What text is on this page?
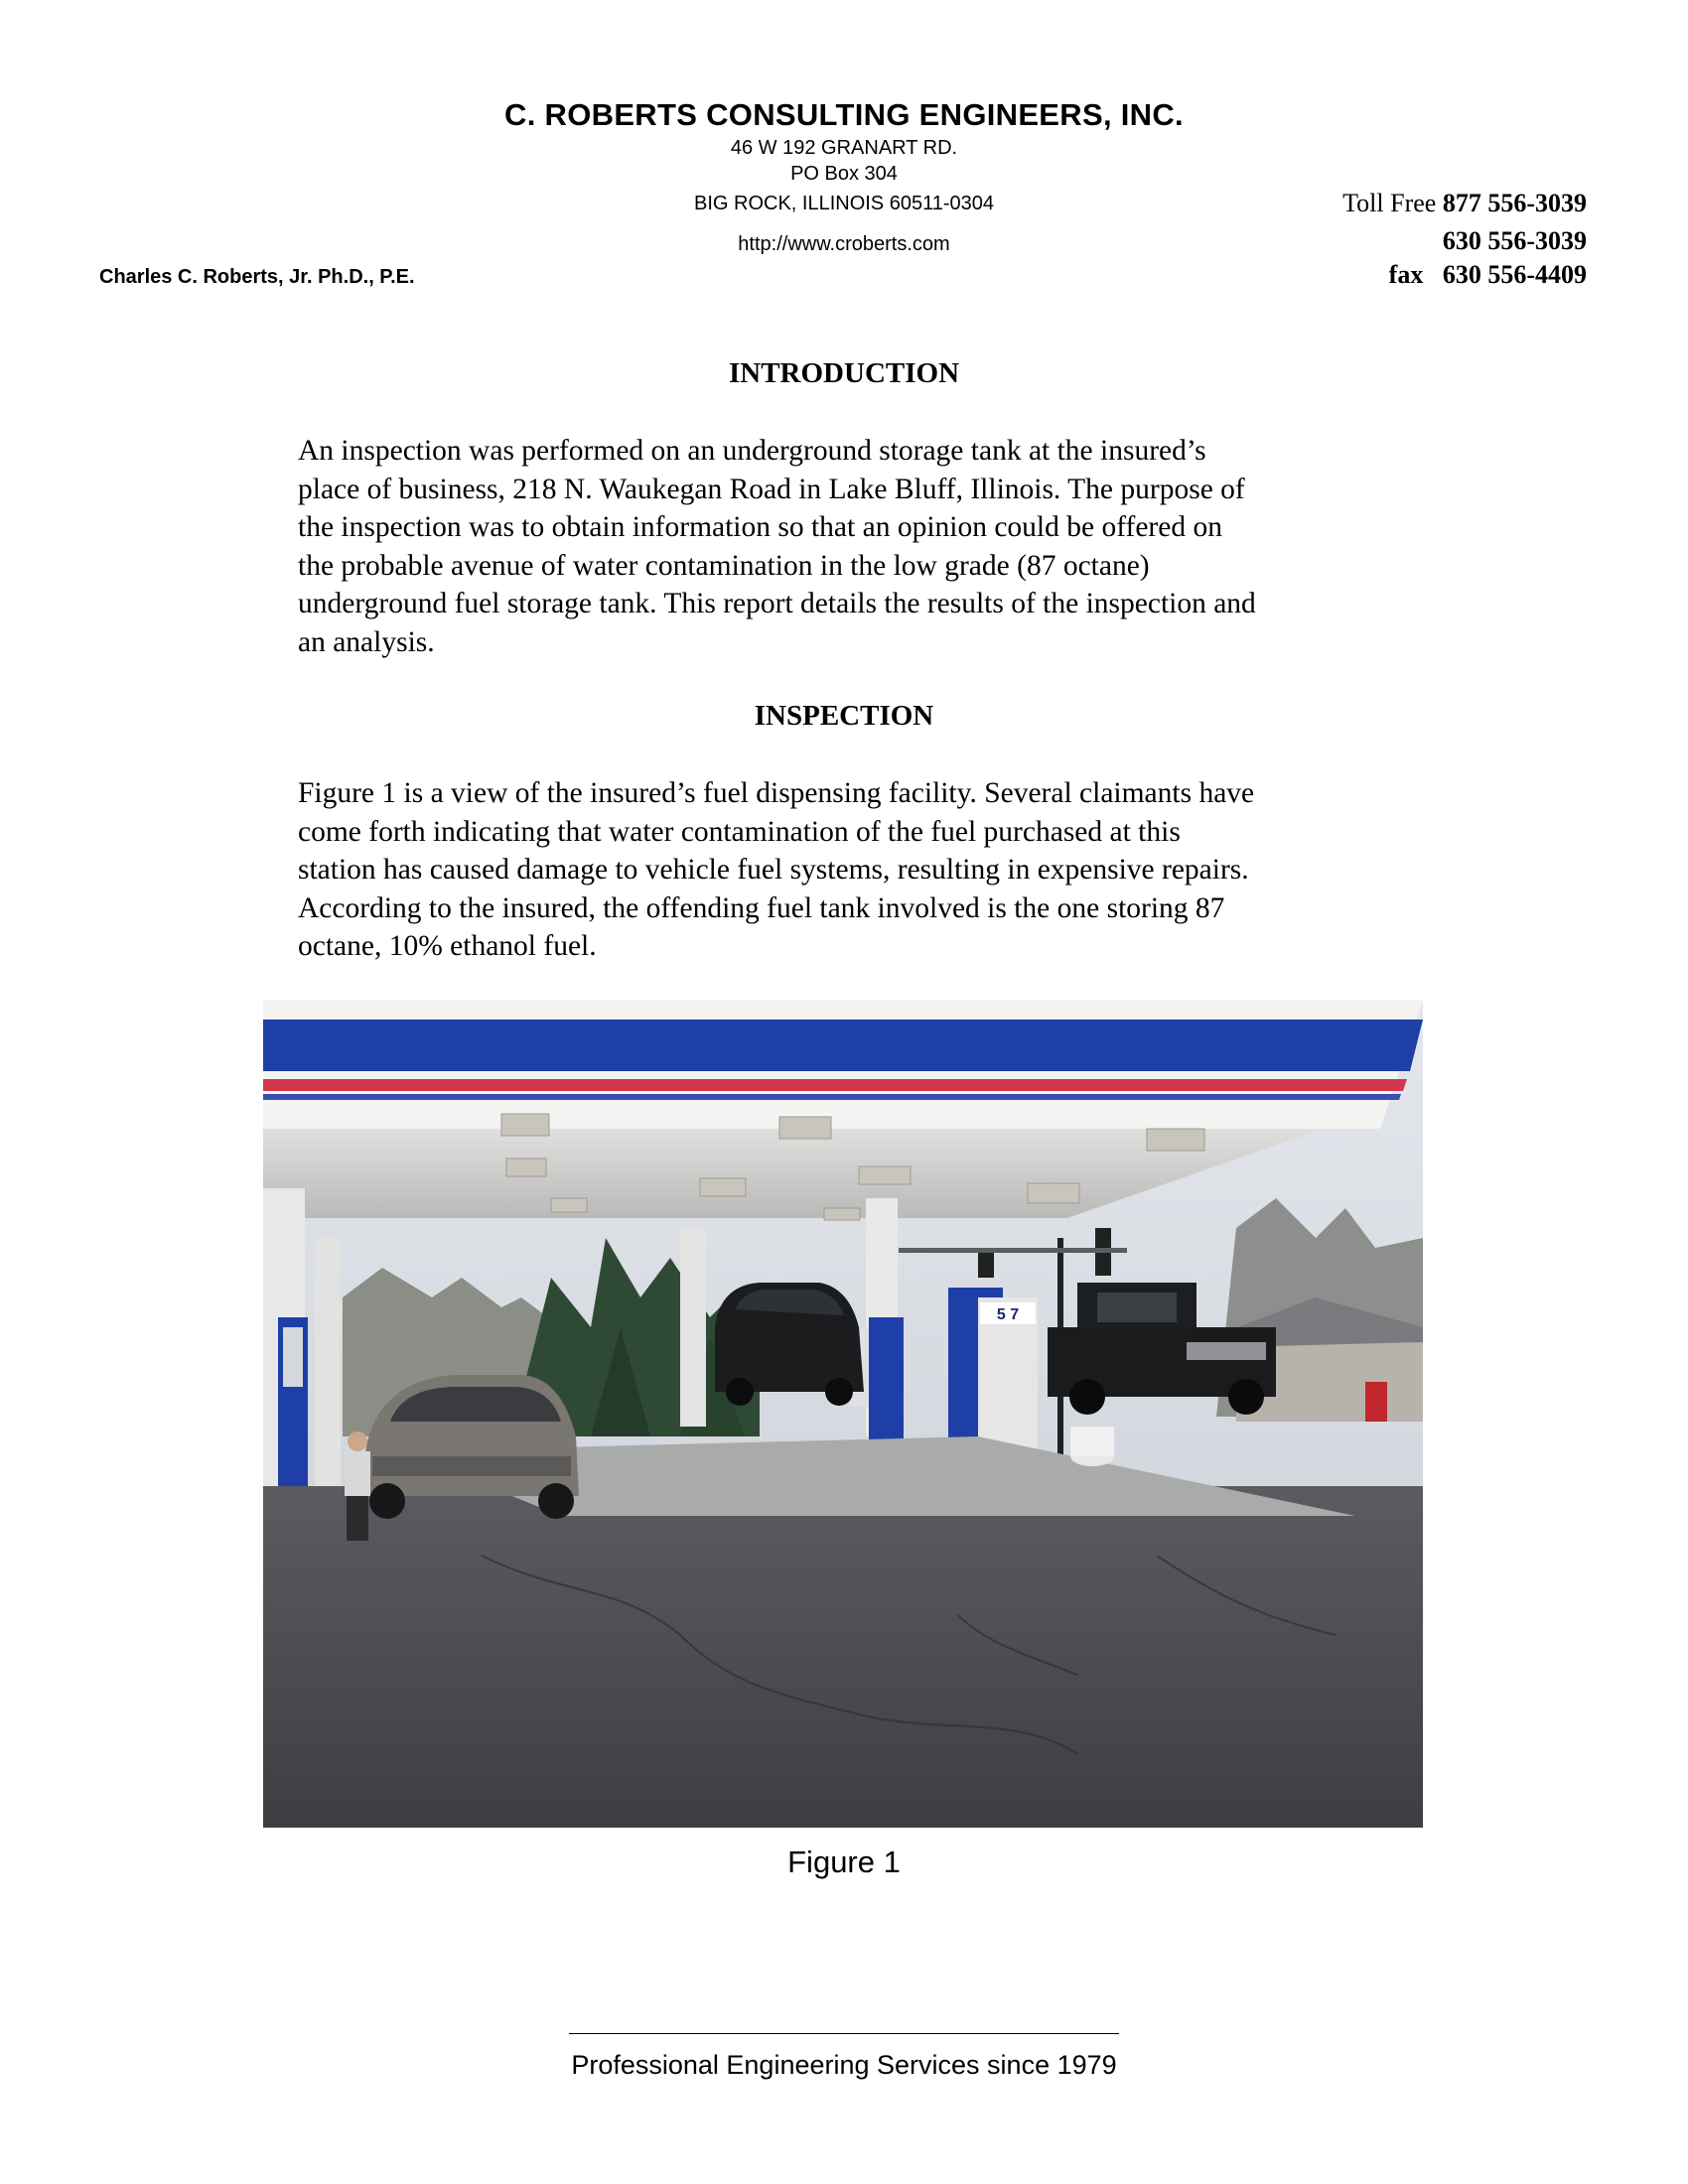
C. ROBERTS CONSULTING ENGINEERS, INC.
46 W 192 GRANART RD.
PO Box 304
BIG ROCK, ILLINOIS 60511-0304
http://www.croberts.com
Charles C. Roberts, Jr. Ph.D., P.E.
Toll Free 877 556-3039
630 556-3039
fax 630 556-4409
INTRODUCTION
An inspection was performed on an underground storage tank at the insured’s
place of business, 218 N. Waukegan Road in Lake Bluff, Illinois. The purpose of
the inspection was to obtain information so that an opinion could be offered on
the probable avenue of water contamination in the low grade (87 octane)
underground fuel storage tank. This report details the results of the inspection and
an analysis.
INSPECTION
Figure 1 is a view of the insured’s fuel dispensing facility. Several claimants have
come forth indicating that water contamination of the fuel purchased at this
station has caused damage to vehicle fuel systems, resulting in expensive repairs.
According to the insured, the offending fuel tank involved is the one storing 87
octane, 10% ethanol fuel.
5 7
Figure 1
Professional Engineering Services since 1979
